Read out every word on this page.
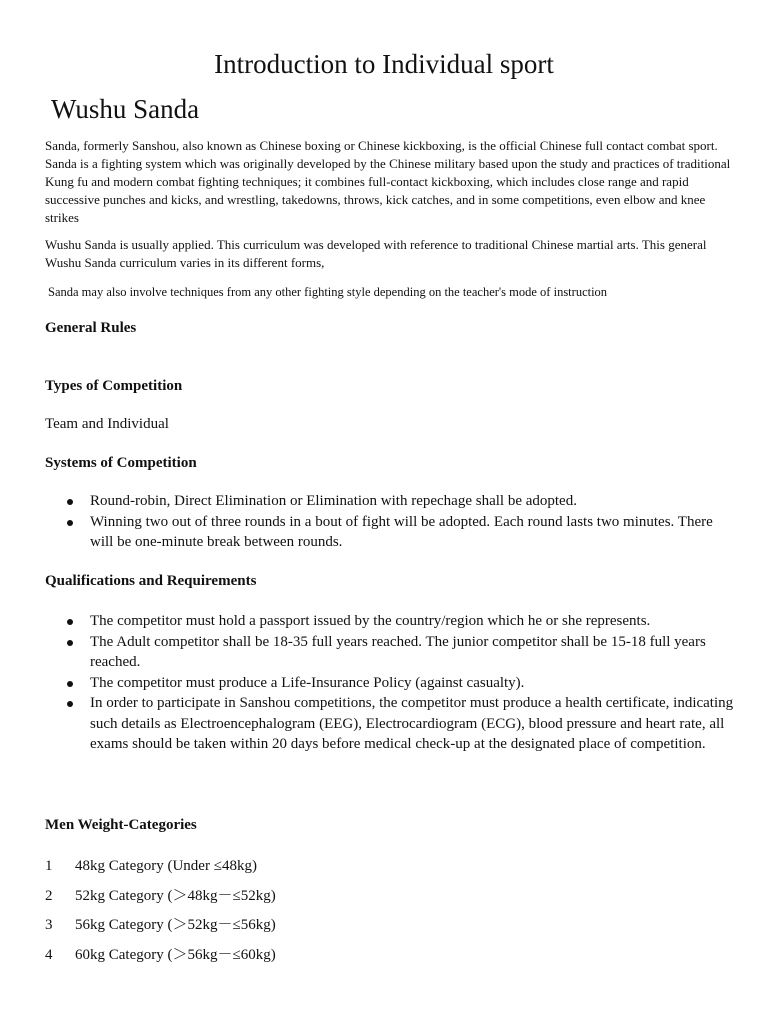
Introduction to Individual sport
Wushu Sanda

Sanda, formerly Sanshou, also known as Chinese boxing or Chinese kickboxing, is the official Chinese full contact combat sport. Sanda is a fighting system which was originally developed by the Chinese military based upon the study and practices of traditional Kung fu and modern combat fighting techniques; it combines full-contact kickboxing, which includes close range and rapid successive punches and kicks, and wrestling, takedowns, throws, kick catches, and in some competitions, even elbow and knee strikes

Wushu Sanda is usually applied. This curriculum was developed with reference to traditional Chinese martial arts. This general Wushu Sanda curriculum varies in its different forms,

Sanda may also involve techniques from any other fighting style depending on the teacher's mode of instruction

General Rules
Types of Competition

Team and Individual

Systems of Competition
Round-robin, Direct Elimination or Elimination with repechage shall be adopted.
Winning two out of three rounds in a bout of fight will be adopted. Each round lasts two minutes. There will be one-minute break between rounds.
Qualifications and Requirements
The competitor must hold a passport issued by the country/region which he or she represents.
The Adult competitor shall be 18-35 full years reached. The junior competitor shall be 15-18 full years reached.
The competitor must produce a Life-Insurance Policy (against casualty).
In order to participate in Sanshou competitions, the competitor must produce a health certificate, indicating such details as Electroencephalogram (EEG), Electrocardiogram (ECG), blood pressure and heart rate, all exams should be taken within 20 days before medical check-up at the designated place of competition.
Men Weight-Categories
1 48kg Category (Under ≤48kg)
2 52kg Category (＞48kg－≤52kg)
3 56kg Category (＞52kg－≤56kg)
4 60kg Category (＞56kg－≤60kg)
